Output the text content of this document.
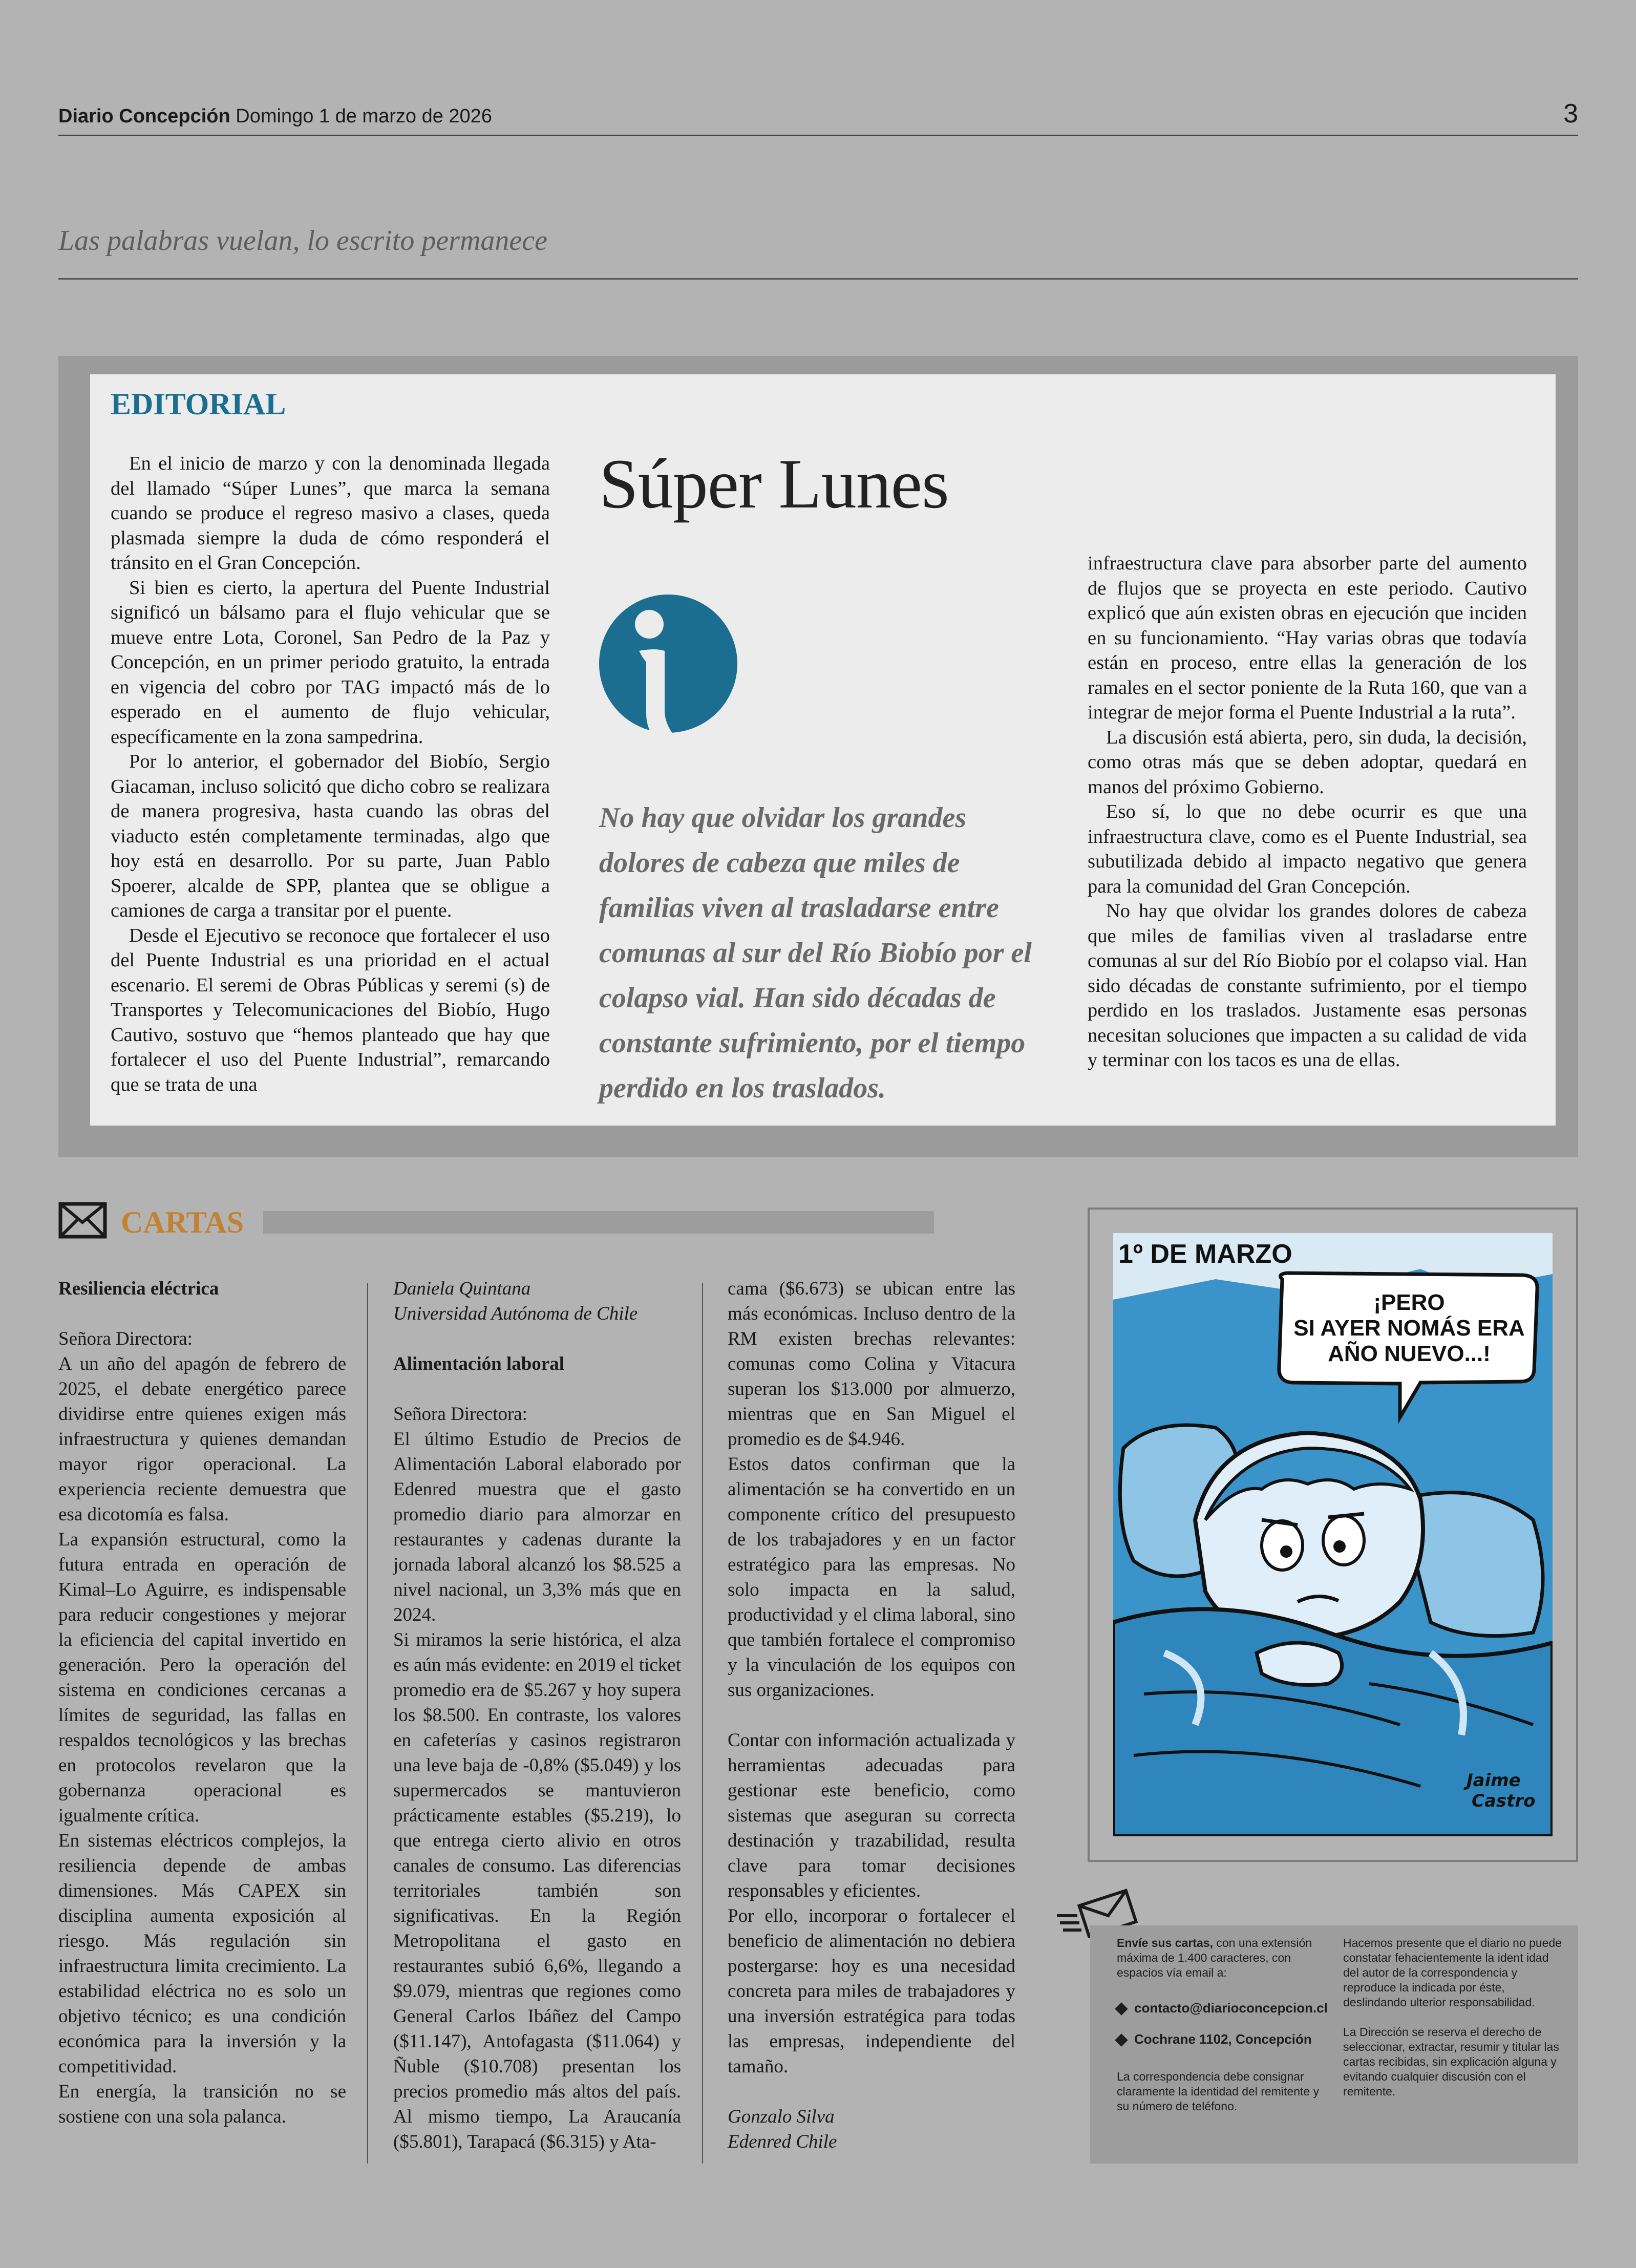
Diario Concepción Domingo 1 de marzo de 2026	3
Las palabras vuelan, lo escrito permanece
EDITORIAL

En el inicio de marzo y con la denominada llegada del llamado “Súper Lunes”, que marca la semana cuando se produce el regreso masivo a clases, queda plasmada siempre la duda de cómo responderá el tránsito en el Gran Concepción.

Si bien es cierto, la apertura del Puente Industrial significó un bálsamo para el flujo vehicular que se mueve entre Lota, Coronel, San Pedro de la Paz y Concepción, en un primer periodo gratuito, la entrada en vigencia del cobro por TAG impactó más de lo esperado en el aumento de flujo vehicular, específicamente en la zona sampedrina.

Por lo anterior, el gobernador del Biobío, Sergio Giacaman, incluso solicitó que dicho cobro se realizara de manera progresiva, hasta cuando las obras del viaducto estén completamente terminadas, algo que hoy está en desarrollo. Por su parte, Juan Pablo Spoerer, alcalde de SPP, plantea que se obligue a camiones de carga a transitar por el puente.

Desde el Ejecutivo se reconoce que fortalecer el uso del Puente Industrial es una prioridad en el actual escenario. El seremi de Obras Públicas y seremi (s) de Transportes y Telecomunicaciones del Biobío, Hugo Cautivo, sostuvo que “hemos planteado que hay que fortalecer el uso del Puente Industrial”, remarcando que se trata de una

Súper Lunes
No hay que olvidar los grandes dolores de cabeza que miles de familias viven al trasladarse entre comunas al sur del Río Biobío por el colapso vial. Han sido décadas de constante sufrimiento, por el tiempo perdido en los traslados.
infraestructura clave para absorber parte del aumento de flujos que se proyecta en este periodo. Cautivo explicó que aún existen obras en ejecución que inciden en su funcionamiento. “Hay varias obras que todavía están en proceso, entre ellas la generación de los ramales en el sector poniente de la Ruta 160, que van a integrar de mejor forma el Puente Industrial a la ruta”.

La discusión está abierta, pero, sin duda, la decisión, como otras más que se deben adoptar, quedará en manos del próximo Gobierno.

Eso sí, lo que no debe ocurrir es que una infraestructura clave, como es el Puente Industrial, sea subutilizada debido al impacto negativo que genera para la comunidad del Gran Concepción.

No hay que olvidar los grandes dolores de cabeza que miles de familias viven al trasladarse entre comunas al sur del Río Biobío por el colapso vial. Han sido décadas de constante sufrimiento, por el tiempo perdido en los traslados. Justamente esas personas necesitan soluciones que impacten a su calidad de vida y terminar con los tacos es una de ellas.

CARTAS
Resiliencia eléctrica
Señora Directora:
A un año del apagón de febrero de 2025, el debate energético parece dividirse entre quienes exigen más infraestructura y quienes demandan mayor rigor operacional. La experiencia reciente demuestra que esa dicotomía es falsa.
La expansión estructural, como la futura entrada en operación de Kimal–Lo Aguirre, es indispensable para reducir congestiones y mejorar la eficiencia del capital invertido en generación. Pero la operación del sistema en condiciones cercanas a límites de seguridad, las fallas en respaldos tecnológicos y las brechas en protocolos revelaron que la gobernanza operacional es igualmente crítica.
En sistemas eléctricos complejos, la resiliencia depende de ambas dimensiones. Más CAPEX sin disciplina aumenta exposición al riesgo. Más regulación sin infraestructura limita crecimiento. La estabilidad eléctrica no es solo un objetivo técnico; es una condición económica para la inversión y la competitividad.
En energía, la transición no se sostiene con una sola palanca.
Daniela Quintana
Universidad Autónoma de Chile
Alimentación laboral
Señora Directora:
El último Estudio de Precios de Alimentación Laboral elaborado por Edenred muestra que el gasto promedio diario para almorzar en restaurantes y cadenas durante la jornada laboral alcanzó los $8.525 a nivel nacional, un 3,3% más que en 2024.
Si miramos la serie histórica, el alza es aún más evidente: en 2019 el ticket promedio era de $5.267 y hoy supera los $8.500. En contraste, los valores en cafeterías y casinos registraron una leve baja de -0,8% ($5.049) y los supermercados se mantuvieron prácticamente estables ($5.219), lo que entrega cierto alivio en otros canales de consumo. Las diferencias territoriales también son significativas. En la Región Metropolitana el gasto en restaurantes subió 6,6%, llegando a $9.079, mientras que regiones como General Carlos Ibáñez del Campo ($11.147), Antofagasta ($11.064) y Ñuble ($10.708) presentan los precios promedio más altos del país. Al mismo tiempo, La Araucanía ($5.801), Tarapacá ($6.315) y Ata-
cama ($6.673) se ubican entre las más económicas. Incluso dentro de la RM existen brechas relevantes: comunas como Colina y Vitacura superan los $13.000 por almuerzo, mientras que en San Miguel el promedio es de $4.946.
Estos datos confirman que la alimentación se ha convertido en un componente crítico del presupuesto de los trabajadores y en un factor estratégico para las empresas. No solo impacta en la salud, productividad y el clima laboral, sino que también fortalece el compromiso y la vinculación de los equipos con sus organizaciones.
Contar con información actualizada y herramientas adecuadas para gestionar este beneficio, como sistemas que aseguran su correcta destinación y trazabilidad, resulta clave para tomar decisiones responsables y eficientes.
Por ello, incorporar o fortalecer el beneficio de alimentación no debiera postergarse: hoy es una necesidad concreta para miles de trabajadores y una inversión estratégica para todas las empresas, independiente del tamaño.
Gonzalo Silva
Edenred Chile
1º DE MARZO
¡PERO
SI AYER NOMÁS ERA
AÑO NUEVO...!
Jaime
Castro
Envíe sus cartas, con una extensión máxima de 1.400 caracteres, con espacios vía email a:
contacto@diarioconcepcion.cl
Cochrane 1102, Concepción
La correspondencia debe consignar claramente la identidad del remitente y su número de teléfono.

Hacemos presente que el diario no puede constatar fehacientemente la ident idad del autor de la correspondencia y reproduce la indicada por éste, deslindando ulterior responsabilidad.

La Dirección se reserva el derecho de seleccionar, extractar, resumir y titular las cartas recibidas, sin explicación alguna y evitando cualquier discusión con el remitente.
